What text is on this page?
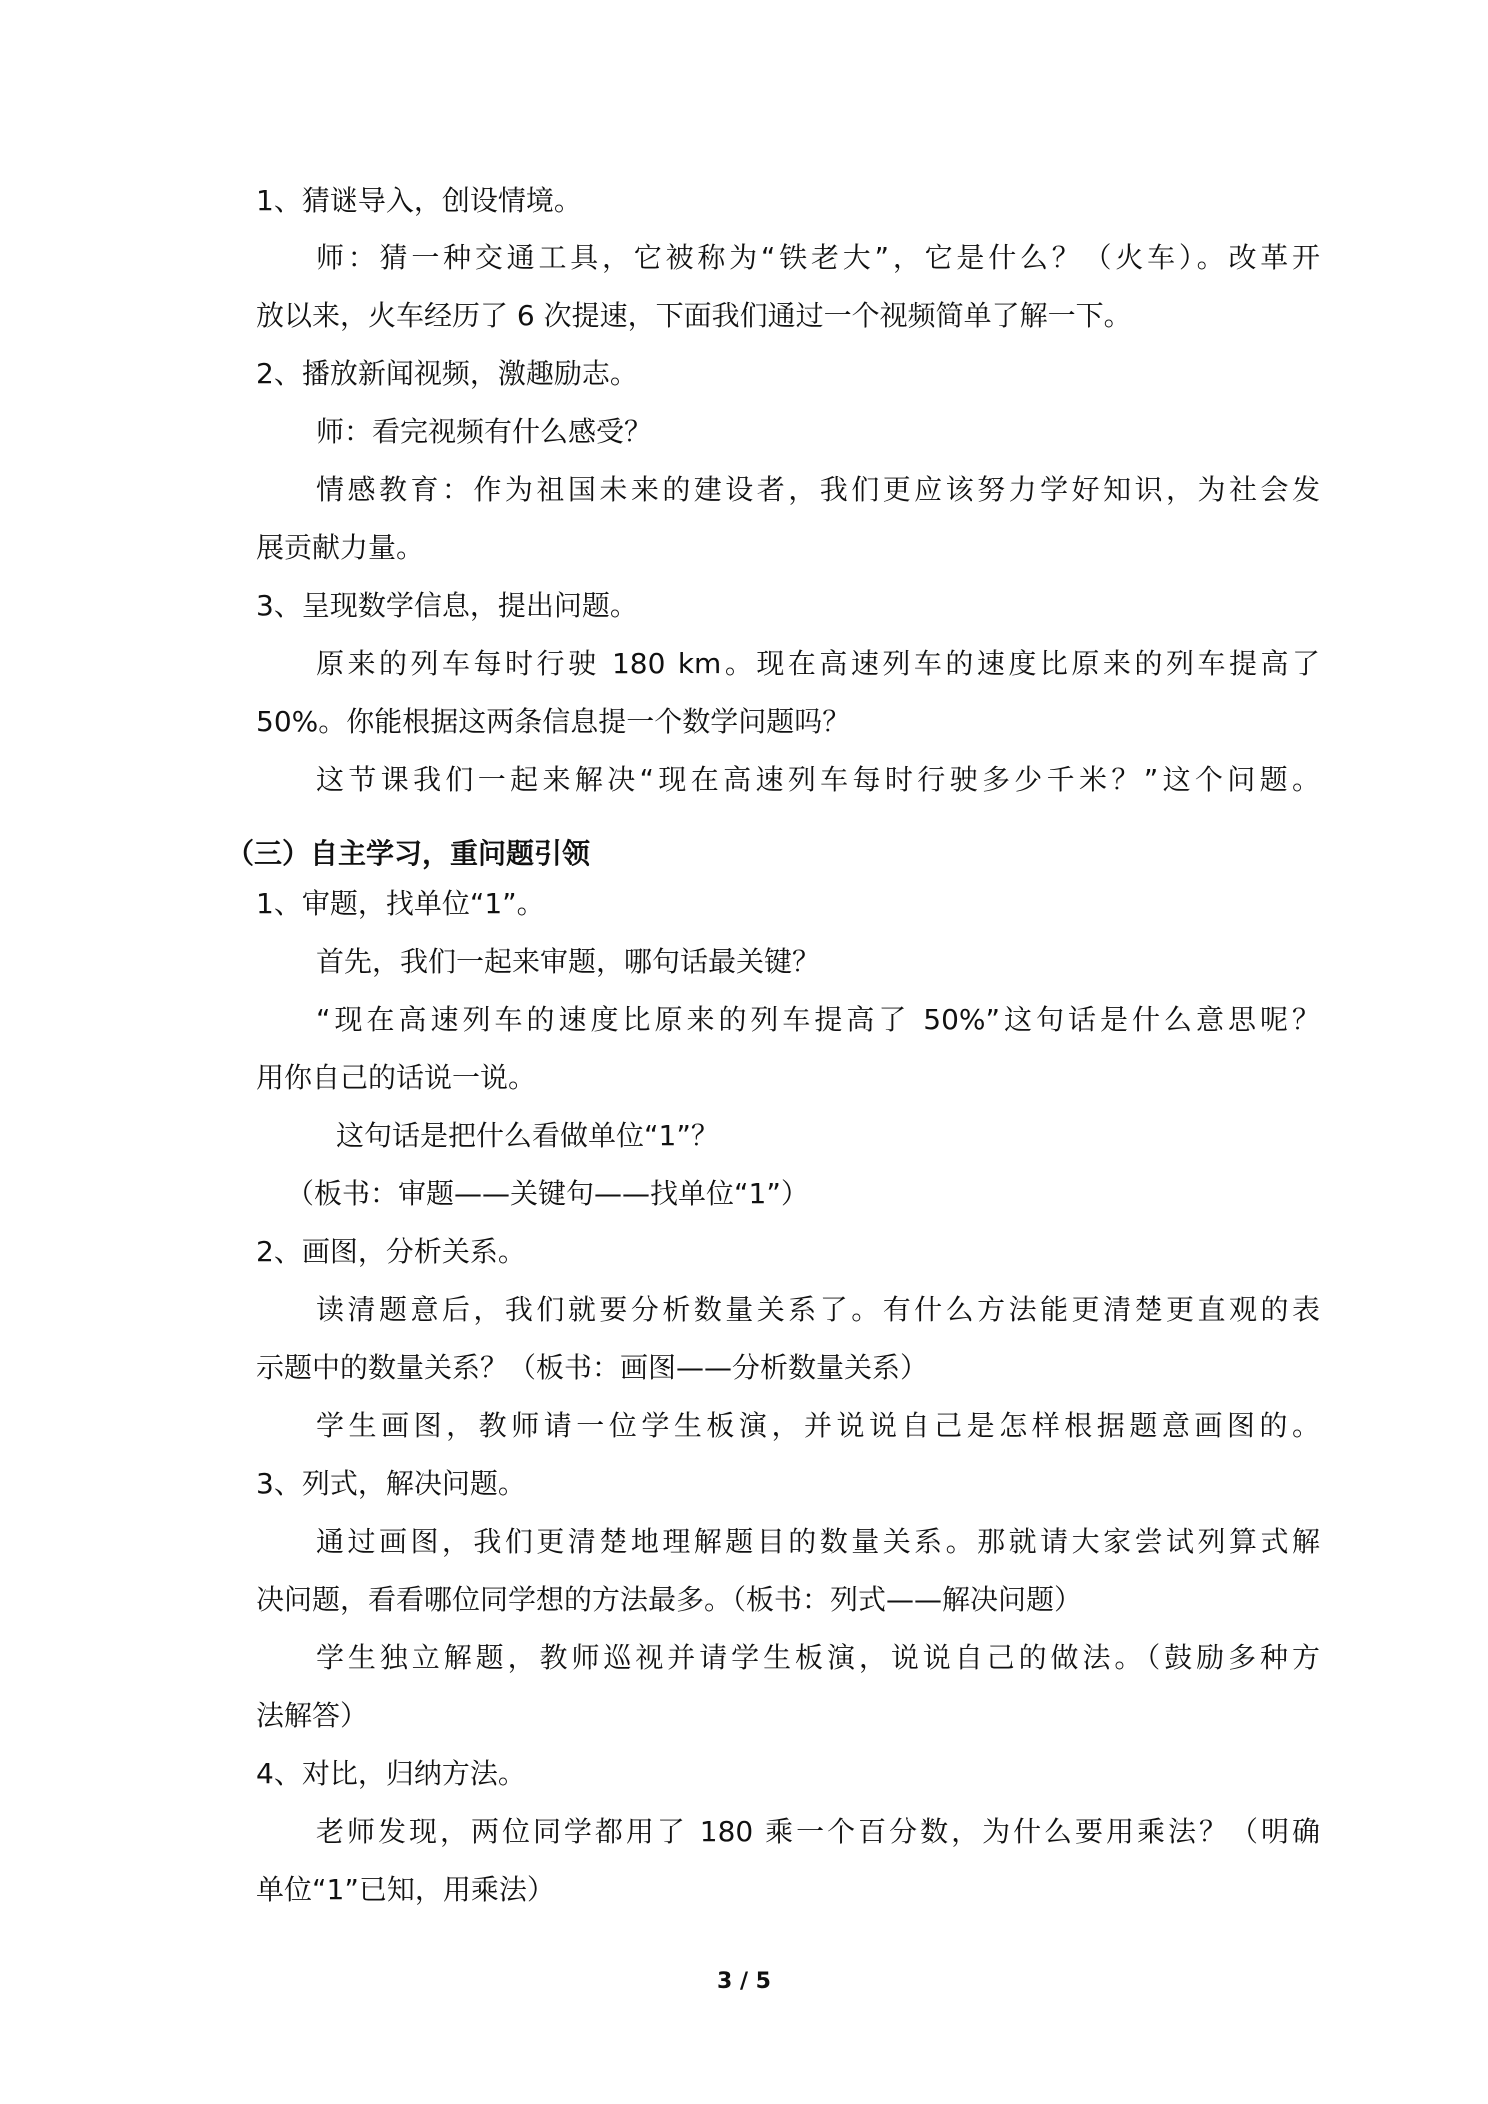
1、猜谜导入，创设情境。
师：猜一种交通工具，它被称为“铁老大”，它是什么？（火车）。改革开
放以来，火车经历了 6 次提速，下面我们通过一个视频简单了解一下。
2、播放新闻视频，激趣励志。
师：看完视频有什么感受？
情感教育：作为祖国未来的建设者，我们更应该努力学好知识，为社会发
展贡献力量。
3、呈现数学信息，提出问题。
原来的列车每时行驶 180 km。现在高速列车的速度比原来的列车提高了
50%。你能根据这两条信息提一个数学问题吗？
这节课我们一起来解决“现在高速列车每时行驶多少千米？”这个问题。
（三）自主学习，重问题引领
1、审题，找单位“1”。
首先，我们一起来审题，哪句话最关键？
“现在高速列车的速度比原来的列车提高了 50%”这句话是什么意思呢？
用你自己的话说一说。
这句话是把什么看做单位“1”？
（板书：审题——关键句——找单位“1”）
2、画图，分析关系。
读清题意后，我们就要分析数量关系了。有什么方法能更清楚更直观的表
示题中的数量关系？（板书：画图——分析数量关系）
学生画图，教师请一位学生板演，并说说自己是怎样根据题意画图的。
3、列式，解决问题。
通过画图，我们更清楚地理解题目的数量关系。那就请大家尝试列算式解
决问题，看看哪位同学想的方法最多。（板书：列式——解决问题）
学生独立解题，教师巡视并请学生板演，说说自己的做法。（鼓励多种方
法解答）
4、对比，归纳方法。
老师发现，两位同学都用了 180 乘一个百分数，为什么要用乘法？（明确
单位“1”已知，用乘法）
3 / 5
